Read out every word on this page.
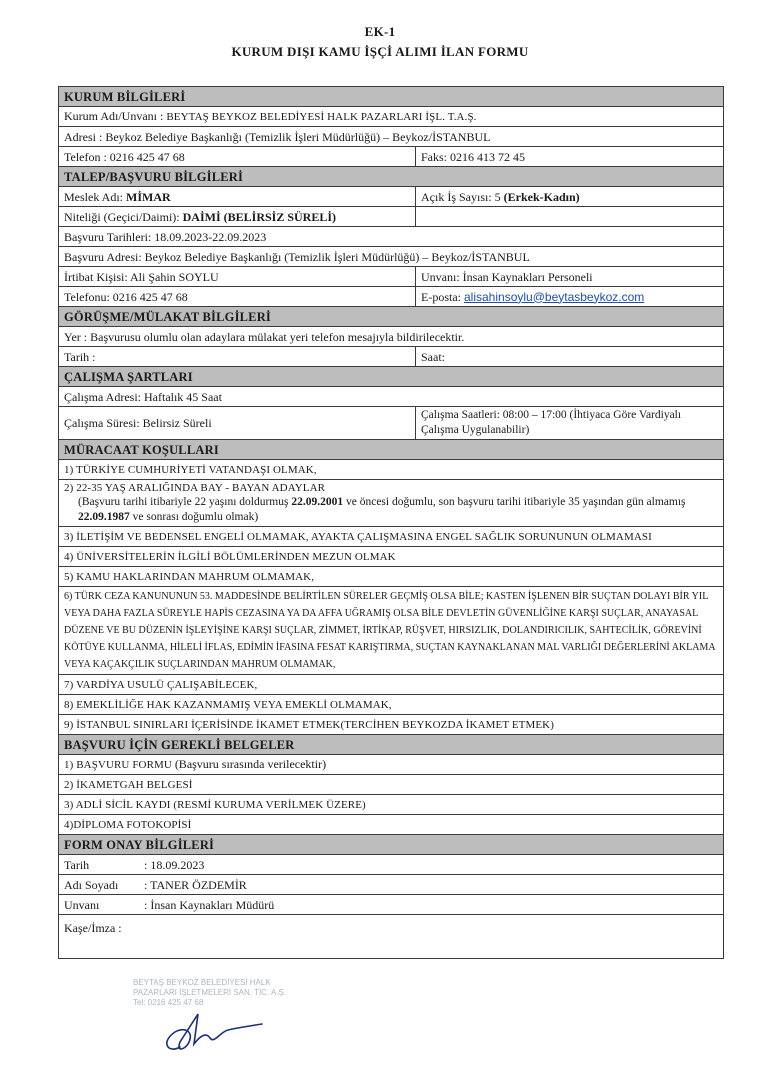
EK-1
KURUM DIŞI KAMU İŞÇİ ALIMI İLAN FORMU
KURUM BİLGİLERİ	
Kurum Adı/Unvanı : BEYTAŞ BEYKOZ BELEDİYESİ HALK PAZARLARI İŞL. T.A.Ş.	
Adresi : Beykoz Belediye Başkanlığı (Temizlik İşleri Müdürlüğü) – Beykoz/İSTANBUL	
Telefon : 0216 425 47 68	Faks: 0216 413 72 45
TALEP/BAŞVURU BİLGİLERİ	
Meslek Adı: MİMAR	Açık İş Sayısı: 5 (Erkek-Kadın)
Niteliği (Geçici/Daimi): DAİMİ (BELİRSİZ SÜRELİ)	
Başvuru Tarihleri: 18.09.2023-22.09.2023	
Başvuru Adresi: Beykoz Belediye Başkanlığı (Temizlik İşleri Müdürlüğü) – Beykoz/İSTANBUL	
İrtibat Kişisi: Ali Şahin SOYLU	Unvanı: İnsan Kaynakları Personeli
Telefonu: 0216 425 47 68	E-posta: alisahinsoylu@beytasbeykoz.com
GÖRÜŞME/MÜLAKAT BİLGİLERİ	
Yer : Başvurusu olumlu olan adaylara mülakat yeri telefon mesajıyla bildirilecektir.	
Tarih :	Saat:
ÇALIŞMA ŞARTLARI	
Çalışma Adresi: Haftalık 45 Saat	
Çalışma Süresi: Belirsiz Süreli	Çalışma Saatleri: 08:00 – 17:00 (İhtiyaca Göre Vardiyalı Çalışma Uygulanabilir)
MÜRACAAT KOŞULLARI	
1) TÜRKİYE CUMHURİYETİ VATANDAŞI OLMAK,	

2) 22-35 YAŞ ARALIĞINDA BAY - BAYAN ADAYLAR
(Başvuru tarihi itibariyle 22 yaşını doldurmuş 22.09.2001 ve öncesi doğumlu, son başvuru tarihi itibariyle 35 yaşından gün almamış 22.09.1987 ve sonrası doğumlu olmak)	

3) İLETİŞİM VE BEDENSEL ENGELİ OLMAMAK, AYAKTA ÇALIŞMASINA ENGEL SAĞLIK SORUNUNUN OLMAMASI	
4) ÜNİVERSİTELERİN İLGİLİ BÖLÜMLERİNDEN MEZUN OLMAK	
5) KAMU HAKLARINDAN MAHRUM OLMAMAK,	
6) TÜRK CEZA KANUNUNUN 53. MADDESİNDE BELİRTİLEN SÜRELER GEÇMİŞ OLSA BİLE; KASTEN İŞLENEN BİR SUÇTAN DOLAYI BİR YIL VEYA DAHA FAZLA SÜREYLE HAPİS CEZASINA YA DA AFFA UĞRAMIŞ OLSA BİLE DEVLETİN GÜVENLİĞİNE KARŞI SUÇLAR, ANAYASAL DÜZENE VE BU DÜZENİN İŞLEYİŞİNE KARŞI SUÇLAR, ZİMMET, İRTİKAP, RÜŞVET, HIRSIZLIK, DOLANDIRICILIK, SAHTECİLİK, GÖREVİNİ KÖTÜYE KULLANMA, HİLELİ İFLAS, EDİMİN İFASINA FESAT KARIŞTIRMA, SUÇTAN KAYNAKLANAN MAL VARLIĞI DEĞERLERİNİ AKLAMA VEYA KAÇAKÇILIK SUÇLARINDAN MAHRUM OLMAMAK,	
7) VARDİYA USULÜ ÇALIŞABİLECEK,	
8) EMEKLİLİĞE HAK KAZANMAMIŞ VEYA EMEKLİ OLMAMAK,	
9) İSTANBUL SINIRLARI İÇERİSİNDE İKAMET ETMEK(TERCİHEN BEYKOZDA İKAMET ETMEK)	
BAŞVURU İÇİN GEREKLİ BELGELER	
1) BAŞVURU FORMU (Başvuru sırasında verilecektir)	
2) İKAMETGAH BELGESİ	
3) ADLİ SİCİL KAYDI (RESMİ KURUMA VERİLMEK ÜZERE)	
4)DİPLOMA FOTOKOPİSİ	
FORM ONAY BİLGİLERİ	
Tarih : 18.09.2023	
Adı Soyadı : TANER ÖZDEMİR	
Unvanı : İnsan Kaynakları Müdürü	
Kaşe/İmza :	
BEYTAŞ BEYKOZ BELEDİYESİ HALK
PAZARLARI İŞLETMELERİ SAN. TİC. A.Ş.
Tel: 0216 425 47 68
